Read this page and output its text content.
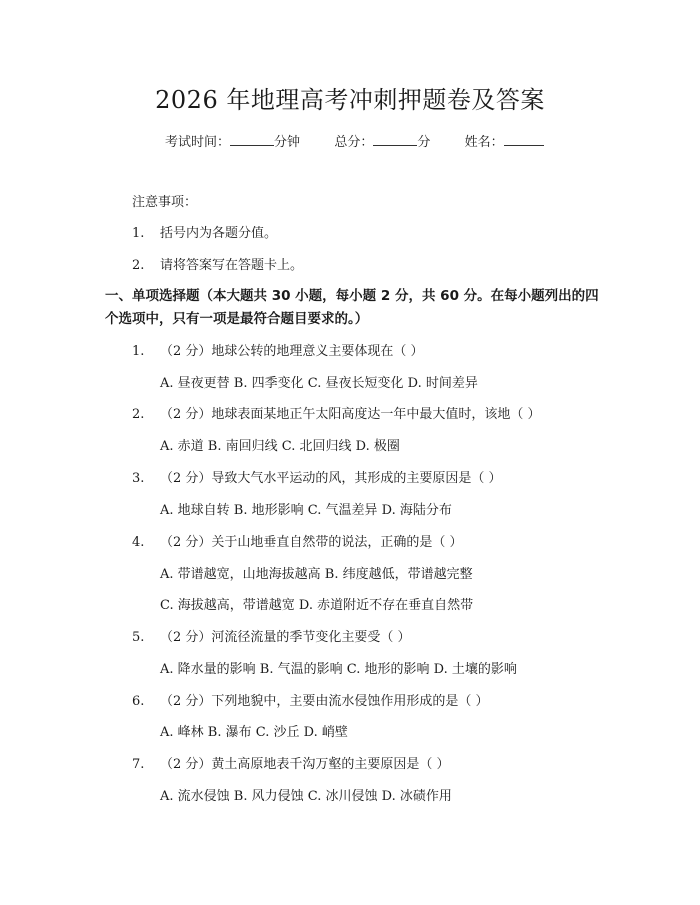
2026 年地理高考冲刺押题卷及答案
考试时间：	分钟	总分：	分	姓名：
注意事项：
1. 括号内为各题分值。
2. 请将答案写在答题卡上。
一、单项选择题（本大题共 30 小题，每小题 2 分，共 60 分。在每小题列出的四个选项中，只有一项是最符合题目要求的。）
1. （2 分）地球公转的地理意义主要体现在（ ）
A. 昼夜更替 B. 四季变化 C. 昼夜长短变化 D. 时间差异
2. （2 分）地球表面某地正午太阳高度达一年中最大值时，该地（ ）
A. 赤道 B. 南回归线 C. 北回归线 D. 极圈
3. （2 分）导致大气水平运动的风，其形成的主要原因是（ ）
A. 地球自转 B. 地形影响 C. 气温差异 D. 海陆分布
4. （2 分）关于山地垂直自然带的说法，正确的是（ ）
A. 带谱越宽，山地海拔越高 B. 纬度越低，带谱越完整
C. 海拔越高，带谱越宽 D. 赤道附近不存在垂直自然带
5. （2 分）河流径流量的季节变化主要受（ ）
A. 降水量的影响 B. 气温的影响 C. 地形的影响 D. 土壤的影响
6. （2 分）下列地貌中，主要由流水侵蚀作用形成的是（ ）
A. 峰林 B. 瀑布 C. 沙丘 D. 峭壁
7. （2 分）黄土高原地表千沟万壑的主要原因是（ ）
A. 流水侵蚀 B. 风力侵蚀 C. 冰川侵蚀 D. 冰碛作用
